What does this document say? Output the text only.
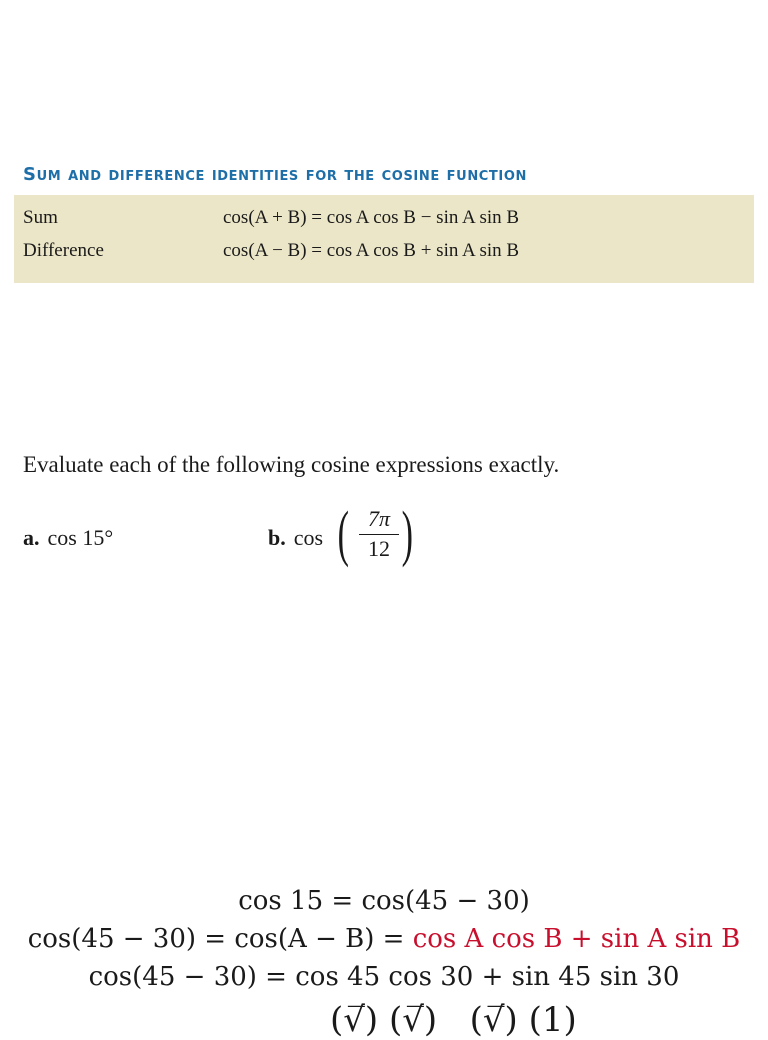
Sum and difference identities for the cosine function
Sum	cos(A + B) = cos A cos B − sin A sin B
Difference	cos(A − B) = cos A cos B + sin A sin B
Evaluate each of the following cosine expressions exactly.
a. cos 15°	b. cos ( 7π
12 )
cos 15 = cos(45 − 30)
cos(45 − 30) = cos(A − B) = cos A cos B + sin A sin B
cos(45 − 30) = cos 45 cos 30 + sin 45 sin 30
(√̅) (√̅)   (√̅) (1)
